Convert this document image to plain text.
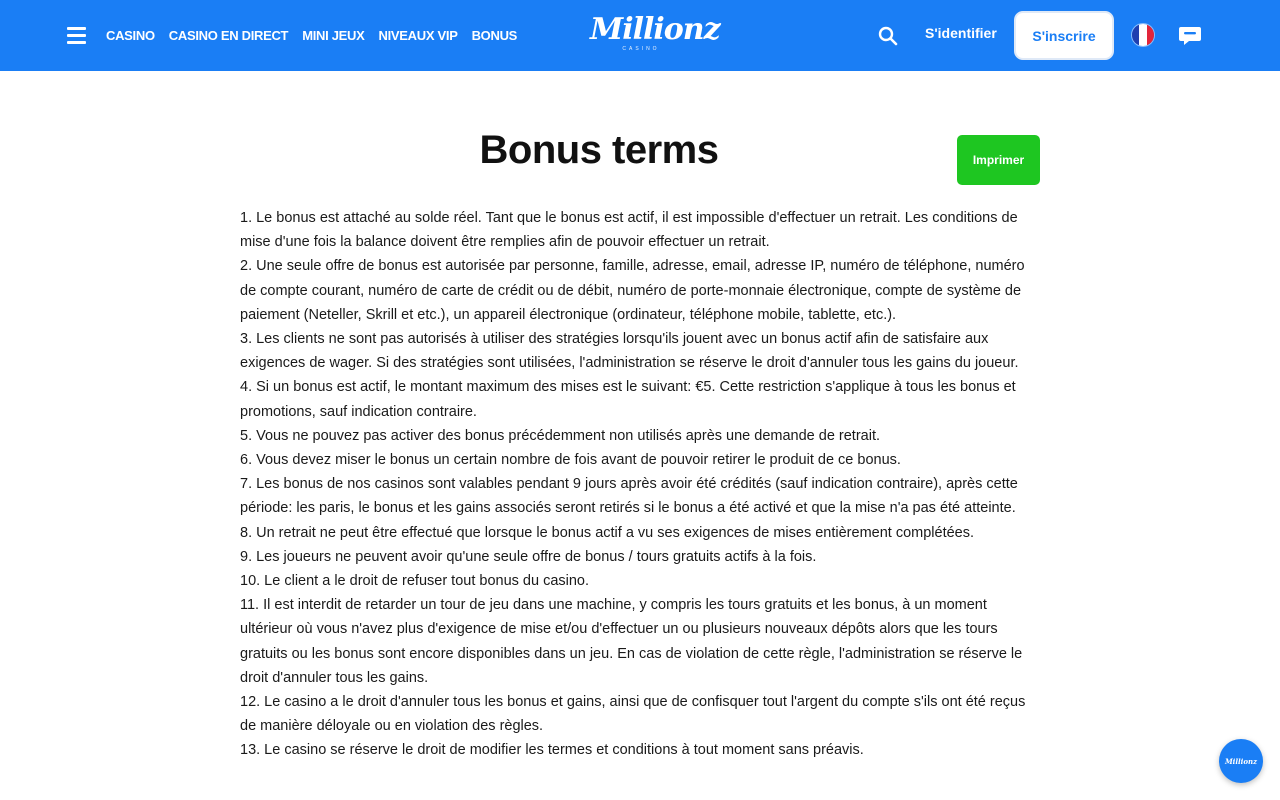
CASINO CASINO EN DIRECT MINI JEUX NIVEAUX VIP BONUS Millionz
CASINO
S'identifier	S'inscrire
Bonus terms	Imprimer

1. Le bonus est attaché au solde réel. Tant que le bonus est actif, il est impossible d'effectuer un retrait. Les conditions de mise d'une fois la balance doivent être remplies afin de pouvoir effectuer un retrait.

2. Une seule offre de bonus est autorisée par personne, famille, adresse, email, adresse IP, numéro de téléphone, numéro de compte courant, numéro de carte de crédit ou de débit, numéro de porte-monnaie électronique, compte de système de paiement (Neteller, Skrill et etc.), un appareil électronique (ordinateur, téléphone mobile, tablette, etc.).

3. Les clients ne sont pas autorisés à utiliser des stratégies lorsqu'ils jouent avec un bonus actif afin de satisfaire aux exigences de wager. Si des stratégies sont utilisées, l'administration se réserve le droit d'annuler tous les gains du joueur.

4. Si un bonus est actif, le montant maximum des mises est le suivant: €5. Cette restriction s'applique à tous les bonus et promotions, sauf indication contraire.

5. Vous ne pouvez pas activer des bonus précédemment non utilisés après une demande de retrait.

6. Vous devez miser le bonus un certain nombre de fois avant de pouvoir retirer le produit de ce bonus.

7. Les bonus de nos casinos sont valables pendant 9 jours après avoir été crédités (sauf indication contraire), après cette période: les paris, le bonus et les gains associés seront retirés si le bonus a été activé et que la mise n'a pas été atteinte.

8. Un retrait ne peut être effectué que lorsque le bonus actif a vu ses exigences de mises entièrement complétées.

9. Les joueurs ne peuvent avoir qu'une seule offre de bonus / tours gratuits actifs à la fois.

10. Le client a le droit de refuser tout bonus du casino.

11. Il est interdit de retarder un tour de jeu dans une machine, y compris les tours gratuits et les bonus, à un moment ultérieur où vous n'avez plus d'exigence de mise et/ou d'effectuer un ou plusieurs nouveaux dépôts alors que les tours gratuits ou les bonus sont encore disponibles dans un jeu. En cas de violation de cette règle, l'administration se réserve le droit d'annuler tous les gains.

12. Le casino a le droit d'annuler tous les bonus et gains, ainsi que de confisquer tout l'argent du compte s'ils ont été reçus de manière déloyale ou en violation des règles.

13. Le casino se réserve le droit de modifier les termes et conditions à tout moment sans préavis.

Millionz
